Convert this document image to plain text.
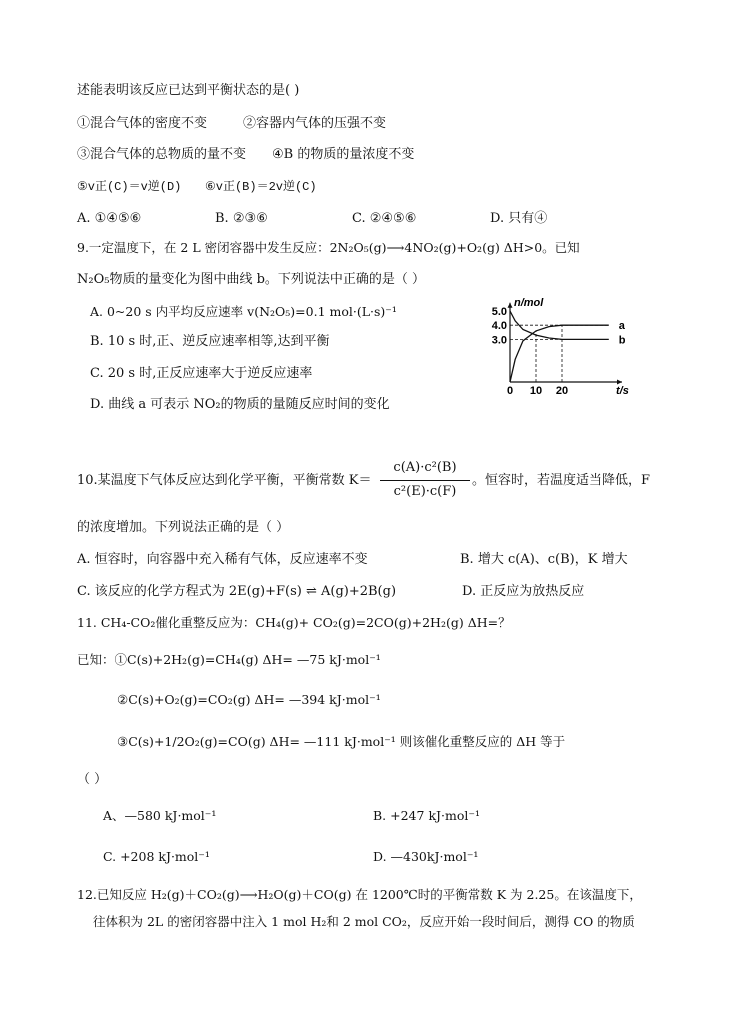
述能表明该反应已达到平衡状态的是( )
①混合气体的密度不变	②容器内气体的压强不变
③混合气体的总物质的量不变 ④B 的物质的量浓度不变
⑤v正(C)＝v逆(D) ⑥v正(B)＝2v逆(C)
A. ①④⑤⑥	B. ②③⑥	C. ②④⑤⑥	D. 只有④
9.一定温度下，在 2 L 密闭容器中发生反应：2N₂O₅(g)⟶4NO₂(g)+O₂(g) ΔH>0。已知
N₂O₅物质的量变化为图中曲线 b。下列说法中正确的是（ ）
A. 0~20 s 内平均反应速率 v(N₂O₅)=0.1 mol·(L·s)⁻¹
B. 10 s 时,正、逆反应速率相等,达到平衡
C. 20 s 时,正反应速率大于逆反应速率
D. 曲线 a 可表示 NO₂的物质的量随反应时间的变化
3.0
4.0
5.0
0 10 20
a
b
n/mol
t/s
10.某温度下气体反应达到化学平衡，平衡常数 K＝
c(A)·c²(B)
c²(E)·c(F)
。恒容时，若温度适当降低，F
的浓度增加。下列说法正确的是（ ）
A. 恒容时，向容器中充入稀有气体，反应速率不变	B. 增大 c(A)、c(B)，K 增大
C. 该反应的化学方程式为 2E(g)+F(s) ⇌ A(g)+2B(g)	D. 正反应为放热反应
11. CH₄-CO₂催化重整反应为：CH₄(g)+ CO₂(g)=2CO(g)+2H₂(g) ΔH=？
已知：①C(s)+2H₂(g)=CH₄(g) ΔH= —75 kJ·mol⁻¹
②C(s)+O₂(g)=CO₂(g) ΔH= —394 kJ·mol⁻¹
③C(s)+1/2O₂(g)=CO(g) ΔH= —111 kJ·mol⁻¹ 则该催化重整反应的 ΔH 等于
（ ）
A、—580 kJ·mol⁻¹	B. +247 kJ·mol⁻¹
C. +208 kJ·mol⁻¹	D. —430kJ·mol⁻¹
12.已知反应 H₂(g)＋CO₂(g)⟶H₂O(g)＋CO(g) 在 1200℃时的平衡常数 K 为 2.25。在该温度下，
往体积为 2L 的密闭容器中注入 1 mol H₂和 2 mol CO₂，反应开始一段时间后，测得 CO 的物质
